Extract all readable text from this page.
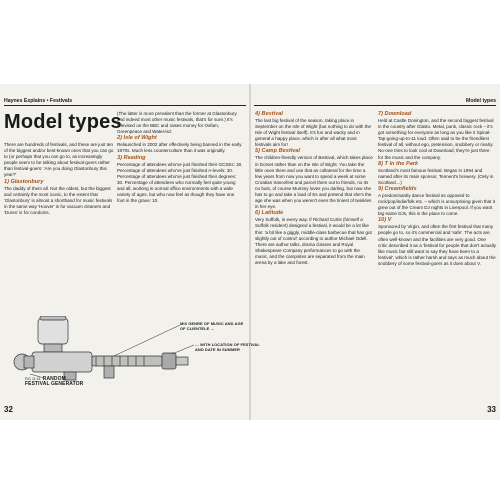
Haynes Explains • Festivals	Model types
Model types

There are hundreds of festivals, and these are just ten of the biggest and/or best-known ones that you can go to (or perhaps that you can go to, as increasingly people seem to be talking about festival-goers rather than festival-goers: 'Are you doing Glastonbury this year?'

1) Glastonbury

The daddy of them all. Not the oldest, but the biggest and certainly the most iconic, to the extent that 'Glastonbury' is almost a shorthand for music festivals in the same way 'Hoover' is for vacuum cleaners and 'Durex' is for condoms.

(The latter is more prevalent than the former at Glastonbury and indeed most other music festivals, that's for sure.) It's televised on the BBC and raises money for Oxfam, Greenpeace and WaterAid.

2) Isle of Wight

Relaunched in 2002 after effectively being banned in the early 1970s. Much less counterculture than it was originally.

3) Reading

Percentage of attendees who've just finished their GCSEs: 30. Percentage of attendees who've just finished A-levels: 30. Percentage of attendees who've just finished their degrees: 30. Percentage of attendees who normally feel quite young and all, working in normal office environments with a wide variety of ages, but who now feel as though they have one foot in the grave: 10.

4) Bestival

The last big festival of the season, taking place in September on the Isle of Wight (but nothing to do with the Isle of Wight festival itself). It's fun and wacky and in general a happy place, which is after all what most festivals aim for!

5) Camp Bestival

The children-friendly version of Bestival, which takes place in Dorset rather than on the Isle of Wight. You take the little ones there and use that as collateral for the time a few years from now you want to spend a week at some Croatian trancefest and parcel them out to friends, no its no buts, of course Mummy loves you darling, but now she has to go and take a load of Es and pretend that she's the age she was when you weren't even the tiniest of twinkles in her eye.

6) Latitude

Very Suffolk, in every way. If Richard Curtis (himself a Suffolk resident) designed a festival, it would be a lot like this: 'a bit like a giggly, middle-class barbecue that has got slightly out of control' according to author Michael Odell. There are author talks, drama classes and Royal Shakespeare Company performances to go with the music, and the campsites are separated from the main arena by a lake and forest.

7) Download

Held at Castle Donington, and the second biggest festival in the country after Glasto. Metal, punk, classic rock – it's got something for everyone as long as you like it Spinal-Tap-going-up-to-11 loud. Often said to be the friendliest festival of all, without ego, pretension, snobbery or rivalry. No-one tries to look cool at Download; they're just there for the music and the company.

8) T in the Park

Scotland's most famous festival. Began in 1994 and named after its main sponsor, Tennent's brewery. (Only in Scotland…)

9) Creamfields

A predominantly dance festival as opposed to rock/pop/indie/folk etc. – which is unsurprising given that it grew out of the Cream DJ nights in Liverpool. If you want big-name DJs, this is the place to come.

10) V

Sponsored by Virgin, and often the first festival that many people go to, so it's commercial and 'safe'. The acts are often well-known and the facilities are very good. One critic described it as a 'festival for people that don't actually like music but still want to say they have been to a festival', which is rather harsh and says as much about the snobbery of some festival-goers as it does about V.

MIX GENRE OF MUSIC AND AGE OF CLIENTELE …
… WITH LOCATION OF FESTIVAL AND DATE IN SUMMER
FIG 11.01 RANDOM FESTIVAL GENERATOR
32	33
